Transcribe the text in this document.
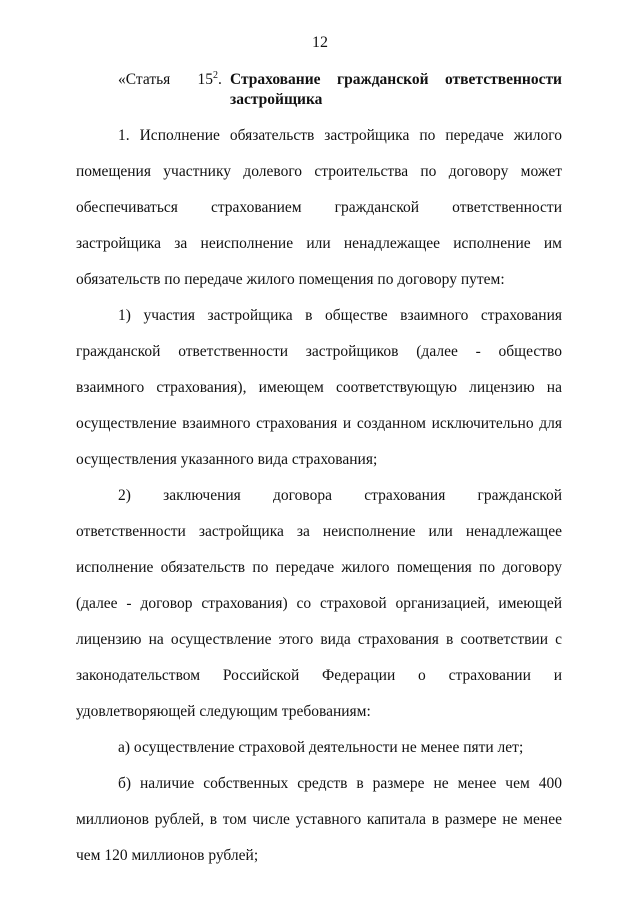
12
«Статья $15^2$. Страхование гражданской ответственности
застройщика

1. Исполнение обязательств застройщика по передаче жилого помещения участнику долевого строительства по договору может обеспечиваться страхованием гражданской ответственности застройщика за неисполнение или ненадлежащее исполнение им обязательств по передаче жилого помещения по договору путем:

1) участия застройщика в обществе взаимного страхования гражданской ответственности застройщиков (далее - общество взаимного страхования), имеющем соответствующую лицензию на осуществление взаимного страхования и созданном исключительно для осуществления указанного вида страхования;

2) заключения договора страхования гражданской ответственности застройщика за неисполнение или ненадлежащее исполнение обязательств по передаче жилого помещения по договору (далее - договор страхования) со страховой организацией, имеющей лицензию на осуществление этого вида страхования в соответствии с законодательством Российской Федерации о страховании и удовлетворяющей следующим требованиям:

а) осуществление страховой деятельности не менее пяти лет;

б) наличие собственных средств в размере не менее чем 400 миллионов рублей, в том числе уставного капитала в размере не менее чем 120 миллионов рублей;
